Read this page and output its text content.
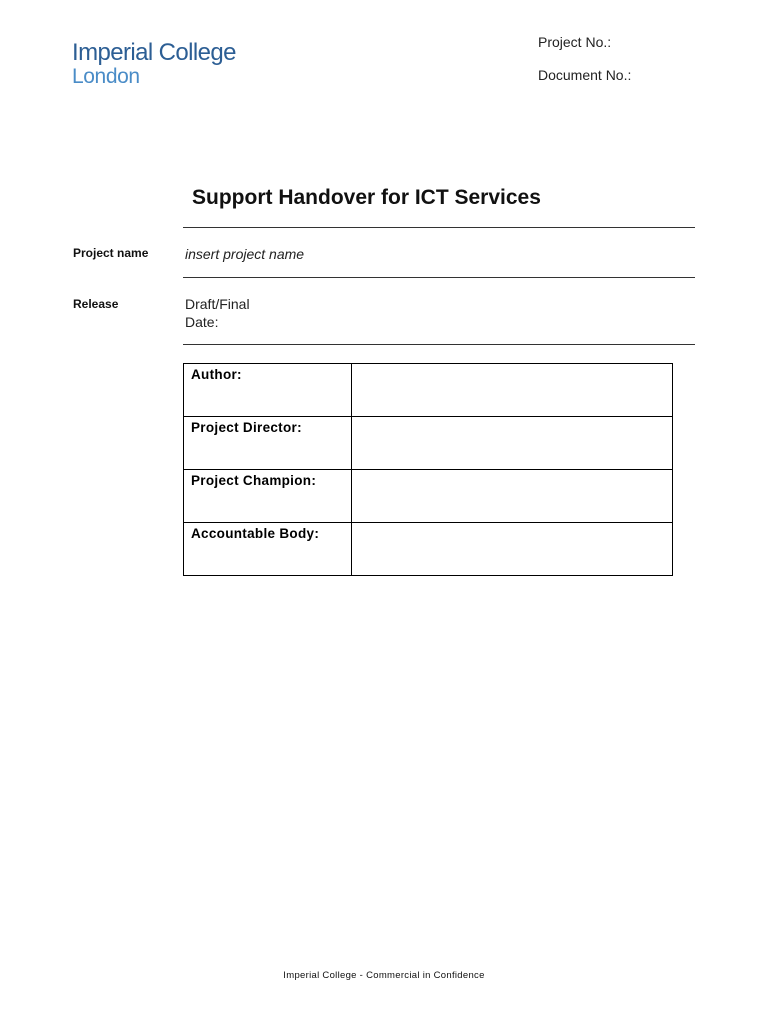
Imperial College
London
Project No.:
Document No.:
Support Handover for ICT Services
Project name	insert project name
Release	Draft/Final
Date:
Author:	
Project Director:	
Project Champion:	
Accountable Body:	
Imperial College - Commercial in Confidence
